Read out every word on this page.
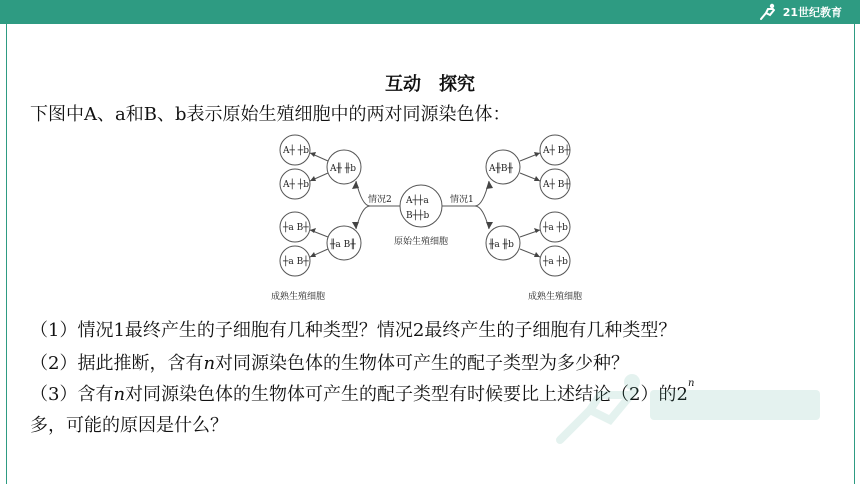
21世纪教育
互动　探究
下图中A、a和B、b表示原始生殖细胞中的两对同源染色体：
情况2	情况1
原始生殖细胞
成熟生殖细胞	成熟生殖细胞
A┼┼a
B┼┼b
A╫ ╫b
╫a B╫
A╫B╫
╫a ╫b
A┼ ┼b
A┼ ┼b
┼a B┼
┼a B┼
A┼ B┼
A┼ B┼
┼a ┼b
┼a ┼b
（1）情况1最终产生的子细胞有几种类型？情况2最终产生的子细胞有几种类型？
（2）据此推断，含有n对同源染色体的生物体可产生的配子类型为多少种？
（3）含有n对同源染色体的生物体可产生的配子类型有时候要比上述结论（2）的2$^n$
多，可能的原因是什么？
